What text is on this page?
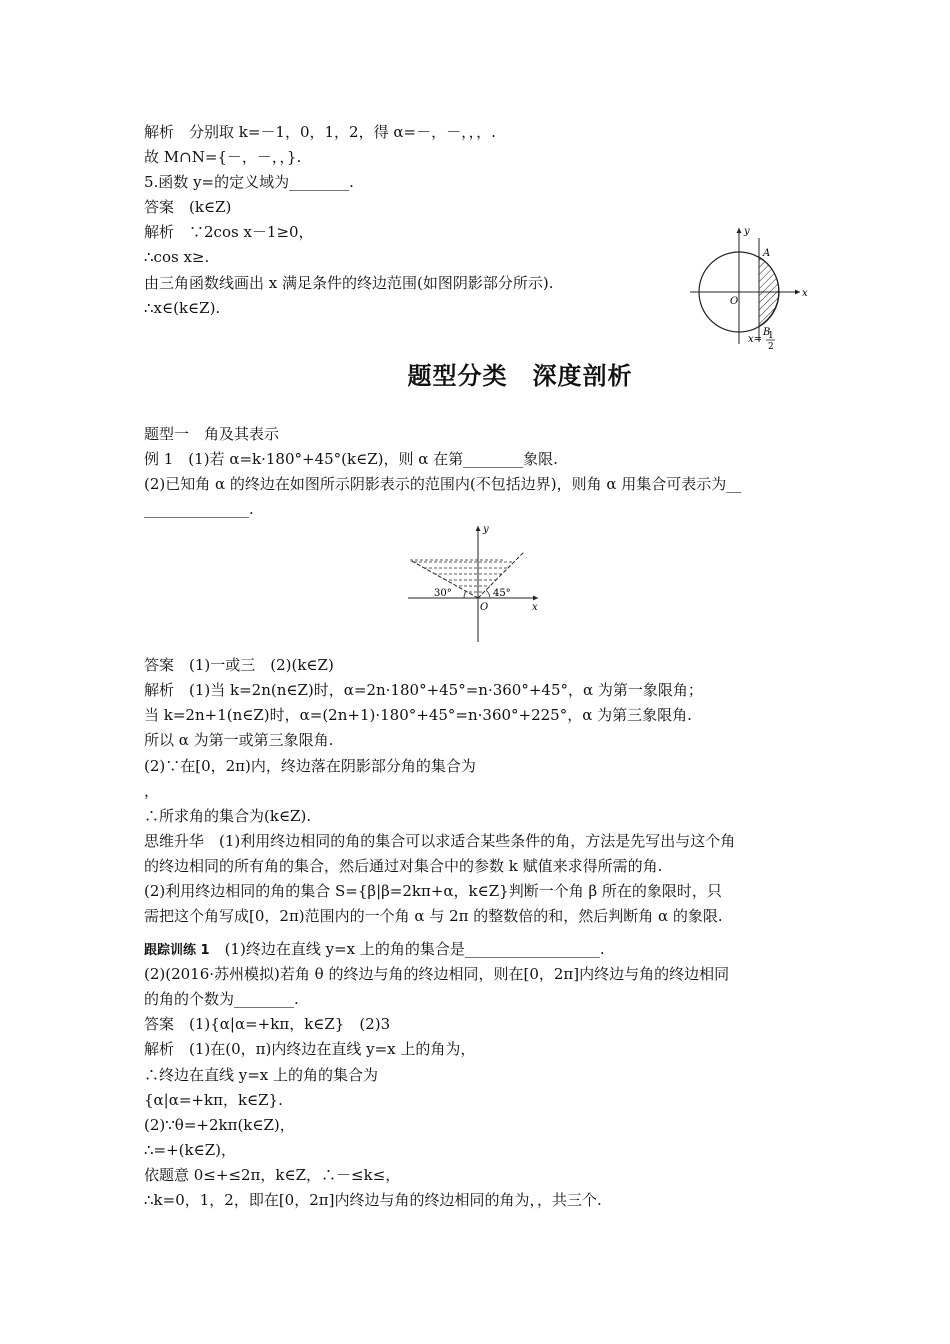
解析　分别取 k=－1，0，1，2，得 α=－，－，，，.
故 M∩N={－，－，，}.
5.函数 y=的定义域为________.
答案　(k∈Z)
解析　∵2cos x－1≥0，
∴cos x≥.
由三角函数线画出 x 满足条件的终边范围(如图阴影部分所示).
∴x∈(k∈Z).
y
x
O
A
B
x= 1
2
题型分类　深度剖析
题型一　角及其表示
例 1　(1)若 α=k·180°+45°(k∈Z)，则 α 在第________象限.
(2)已知角 α 的终边在如图所示阴影表示的范围内(不包括边界)，则角 α 用集合可表示为__
______________.
y
x
O
30°	45°
答案　(1)一或三　(2)(k∈Z)
解析　(1)当 k=2n(n∈Z)时，α=2n·180°+45°=n·360°+45°，α 为第一象限角；
当 k=2n+1(n∈Z)时，α=(2n+1)·180°+45°=n·360°+225°，α 为第三象限角.
所以 α 为第一或第三象限角.
(2)∵在[0，2π)内，终边落在阴影部分角的集合为
，
∴所求角的集合为(k∈Z).
思维升华　(1)利用终边相同的角的集合可以求适合某些条件的角，方法是先写出与这个角
的终边相同的所有角的集合，然后通过对集合中的参数 k 赋值来求得所需的角.
(2)利用终边相同的角的集合 S={β|β=2kπ+α，k∈Z}判断一个角 β 所在的象限时，只
需把这个角写成[0，2π)范围内的一个角 α 与 2π 的整数倍的和，然后判断角 α 的象限.
跟踪训练 1　(1)终边在直线 y=x 上的角的集合是__________________.
(2)(2016·苏州模拟)若角 θ 的终边与角的终边相同，则在[0，2π]内终边与角的终边相同
的角的个数为________.
答案　(1){α|α=+kπ，k∈Z}　(2)3
解析　(1)在(0，π)内终边在直线 y=x 上的角为，
∴终边在直线 y=x 上的角的集合为
{α|α=+kπ，k∈Z}.
(2)∵θ=+2kπ(k∈Z)，
∴=+(k∈Z)，
依题意 0≤+≤2π，k∈Z，∴－≤k≤，
∴k=0，1，2，即在[0，2π]内终边与角的终边相同的角为，，共三个.
